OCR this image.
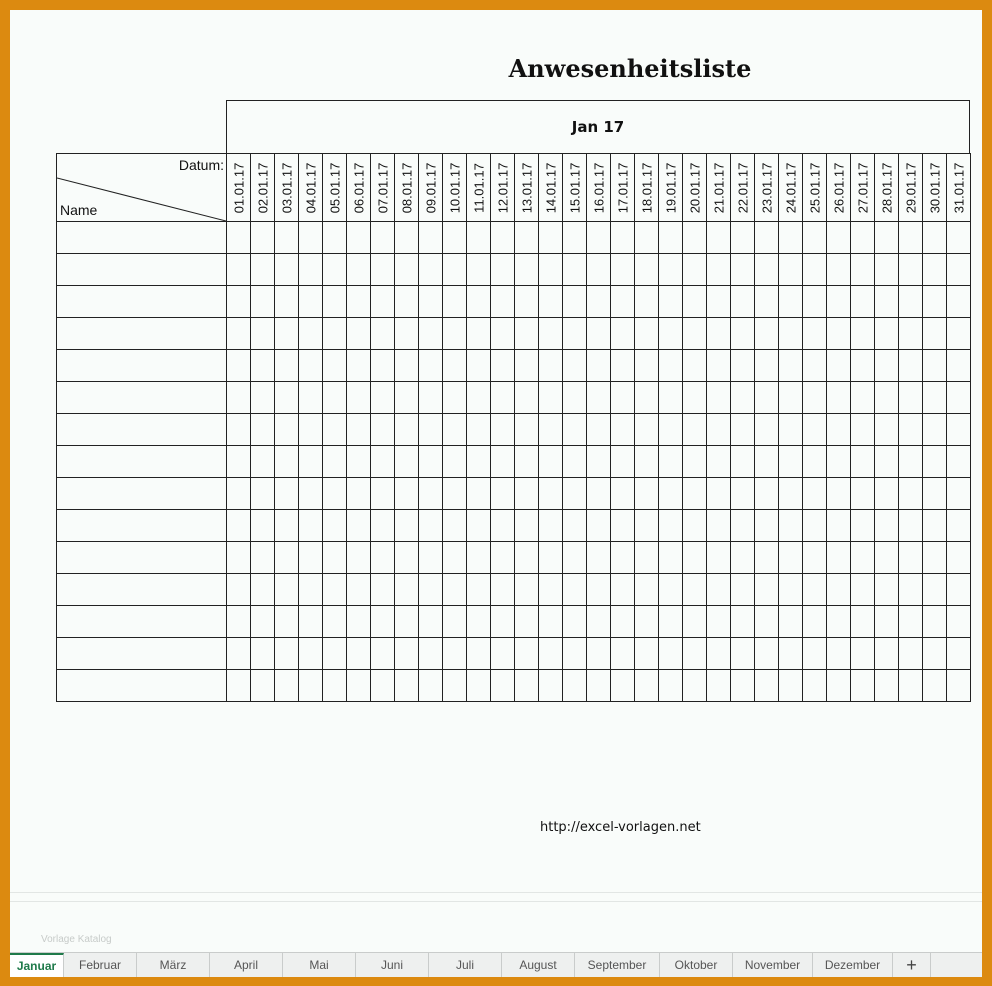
Anwesenheitsliste
Jan 17
Datum:
Name	01.01.17	02.01.17	03.01.17	04.01.17	05.01.17	06.01.17	07.01.17	08.01.17	09.01.17	10.01.17	11.01.17	12.01.17	13.01.17	14.01.17	15.01.17	16.01.17	17.01.17	18.01.17	19.01.17	20.01.17	21.01.17	22.01.17	23.01.17	24.01.17	25.01.17	26.01.17	27.01.17	28.01.17	29.01.17	30.01.17	31.01.17

http://excel-vorlagen.net
Vorlage Katalog
Januar	Februar	März	April	Mai	Juni	Juli	August	September	Oktober	November	Dezember	+
